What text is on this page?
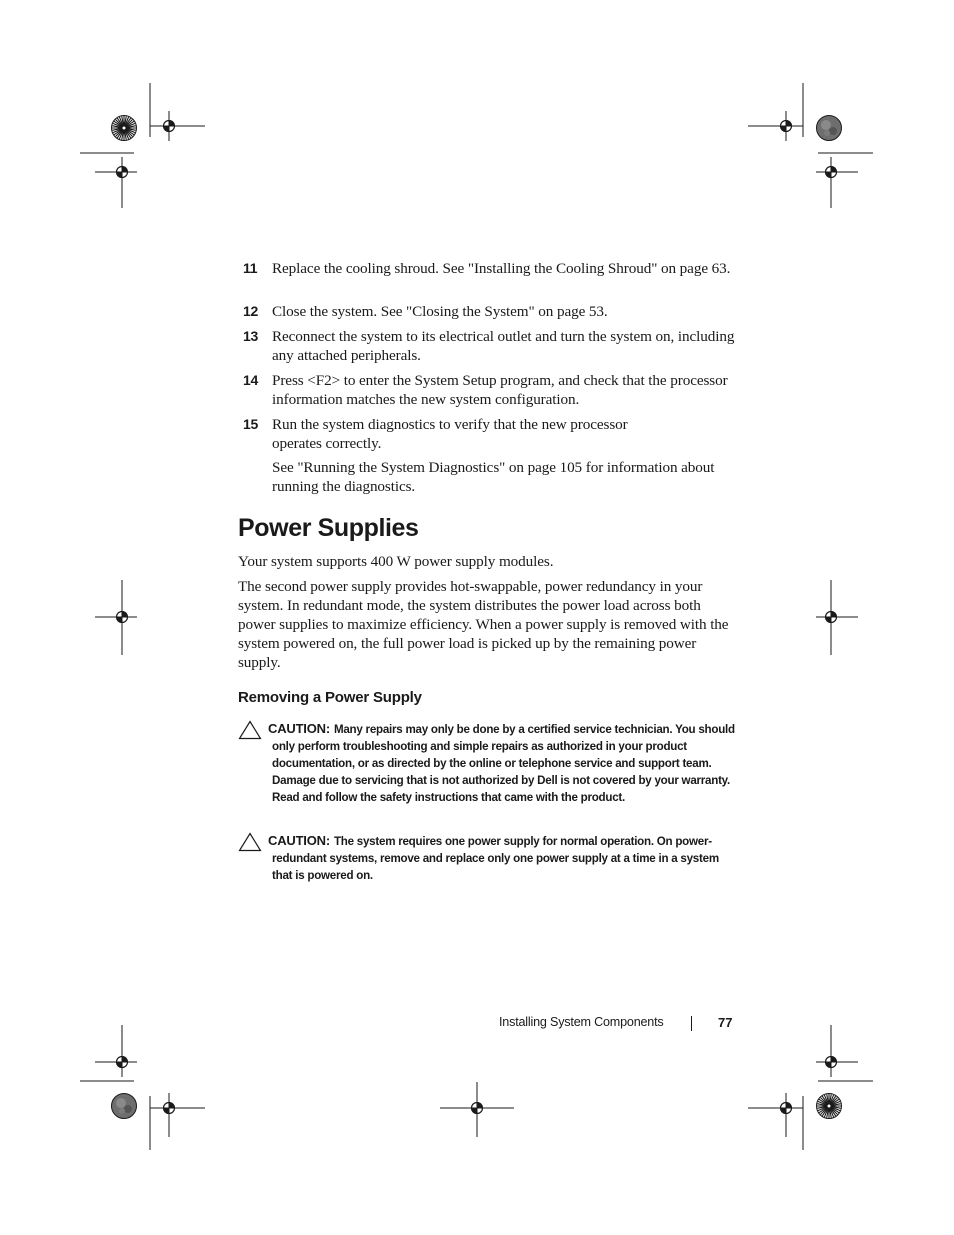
11 Replace the cooling shroud. See "Installing the Cooling Shroud" on page 63.
12 Close the system. See "Closing the System" on page 53.
13 Reconnect the system to its electrical outlet and turn the system on, including any attached peripherals.
14 Press <F2> to enter the System Setup program, and check that the processor information matches the new system configuration.
15 Run the system diagnostics to verify that the new processor operates correctly.
See "Running the System Diagnostics" on page 105 for information about running the diagnostics.
Power Supplies
Your system supports 400 W power supply modules.
The second power supply provides hot-swappable, power redundancy in your system. In redundant mode, the system distributes the power load across both power supplies to maximize efficiency. When a power supply is removed with the system powered on, the full power load is picked up by the remaining power supply.
Removing a Power Supply
CAUTION: Many repairs may only be done by a certified service technician. You should only perform troubleshooting and simple repairs as authorized in your product documentation, or as directed by the online or telephone service and support team. Damage due to servicing that is not authorized by Dell is not covered by your warranty. Read and follow the safety instructions that came with the product.
CAUTION: The system requires one power supply for normal operation. On power-redundant systems, remove and replace only one power supply at a time in a system that is powered on.
Installing System Components	77
